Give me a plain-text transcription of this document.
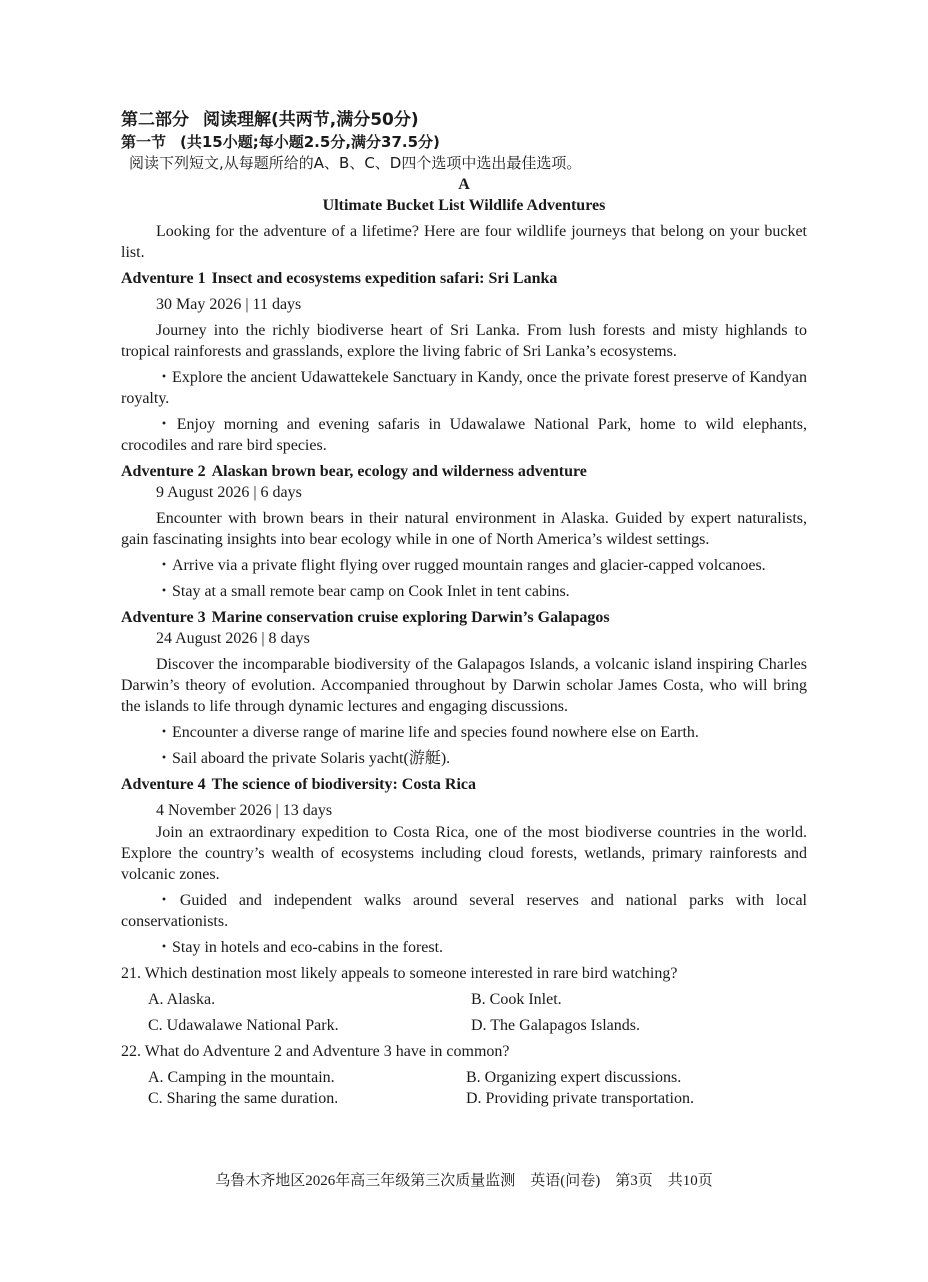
第二部分 阅读理解(共两节,满分50分)
第一节 (共15小题;每小题2.5分,满分37.5分)
阅读下列短文,从每题所给的A、B、C、D四个选项中选出最佳选项。
A
Ultimate Bucket List Wildlife Adventures

Looking for the adventure of a lifetime? Here are four wildlife journeys that belong on your bucket list.

Adventure 1 Insect and ecosystems expedition safari: Sri Lanka
30 May 2026 | 11 days

Journey into the richly biodiverse heart of Sri Lanka. From lush forests and misty highlands to tropical rainforests and grasslands, explore the living fabric of Sri Lanka’s ecosystems.

・Explore the ancient Udawattekele Sanctuary in Kandy, once the private forest preserve of Kandyan royalty.

・Enjoy morning and evening safaris in Udawalawe National Park, home to wild elephants, crocodiles and rare bird species.

Adventure 2 Alaskan brown bear, ecology and wilderness adventure
9 August 2026 | 6 days

Encounter with brown bears in their natural environment in Alaska. Guided by expert naturalists, gain fascinating insights into bear ecology while in one of North America’s wildest settings.

・Arrive via a private flight flying over rugged mountain ranges and glacier-capped volcanoes.

・Stay at a small remote bear camp on Cook Inlet in tent cabins.

Adventure 3 Marine conservation cruise exploring Darwin’s Galapagos
24 August 2026 | 8 days

Discover the incomparable biodiversity of the Galapagos Islands, a volcanic island inspiring Charles Darwin’s theory of evolution. Accompanied throughout by Darwin scholar James Costa, who will bring the islands to life through dynamic lectures and engaging discussions.

・Encounter a diverse range of marine life and species found nowhere else on Earth.

・Sail aboard the private Solaris yacht(游艇).

Adventure 4 The science of biodiversity: Costa Rica
4 November 2026 | 13 days

Join an extraordinary expedition to Costa Rica, one of the most biodiverse countries in the world. Explore the country’s wealth of ecosystems including cloud forests, wetlands, primary rainforests and volcanic zones.

・Guided and independent walks around several reserves and national parks with local conservationists.

・Stay in hotels and eco-cabins in the forest.

21. Which destination most likely appeals to someone interested in rare bird watching?
A. Alaska.	B. Cook Inlet.
C. Udawalawe National Park.	D. The Galapagos Islands.
22. What do Adventure 2 and Adventure 3 have in common?
A. Camping in the mountain.	B. Organizing expert discussions.
C. Sharing the same duration.	D. Providing private transportation.
乌鲁木齐地区2026年高三年级第三次质量监测　英语(问卷)　第3页　共10页
